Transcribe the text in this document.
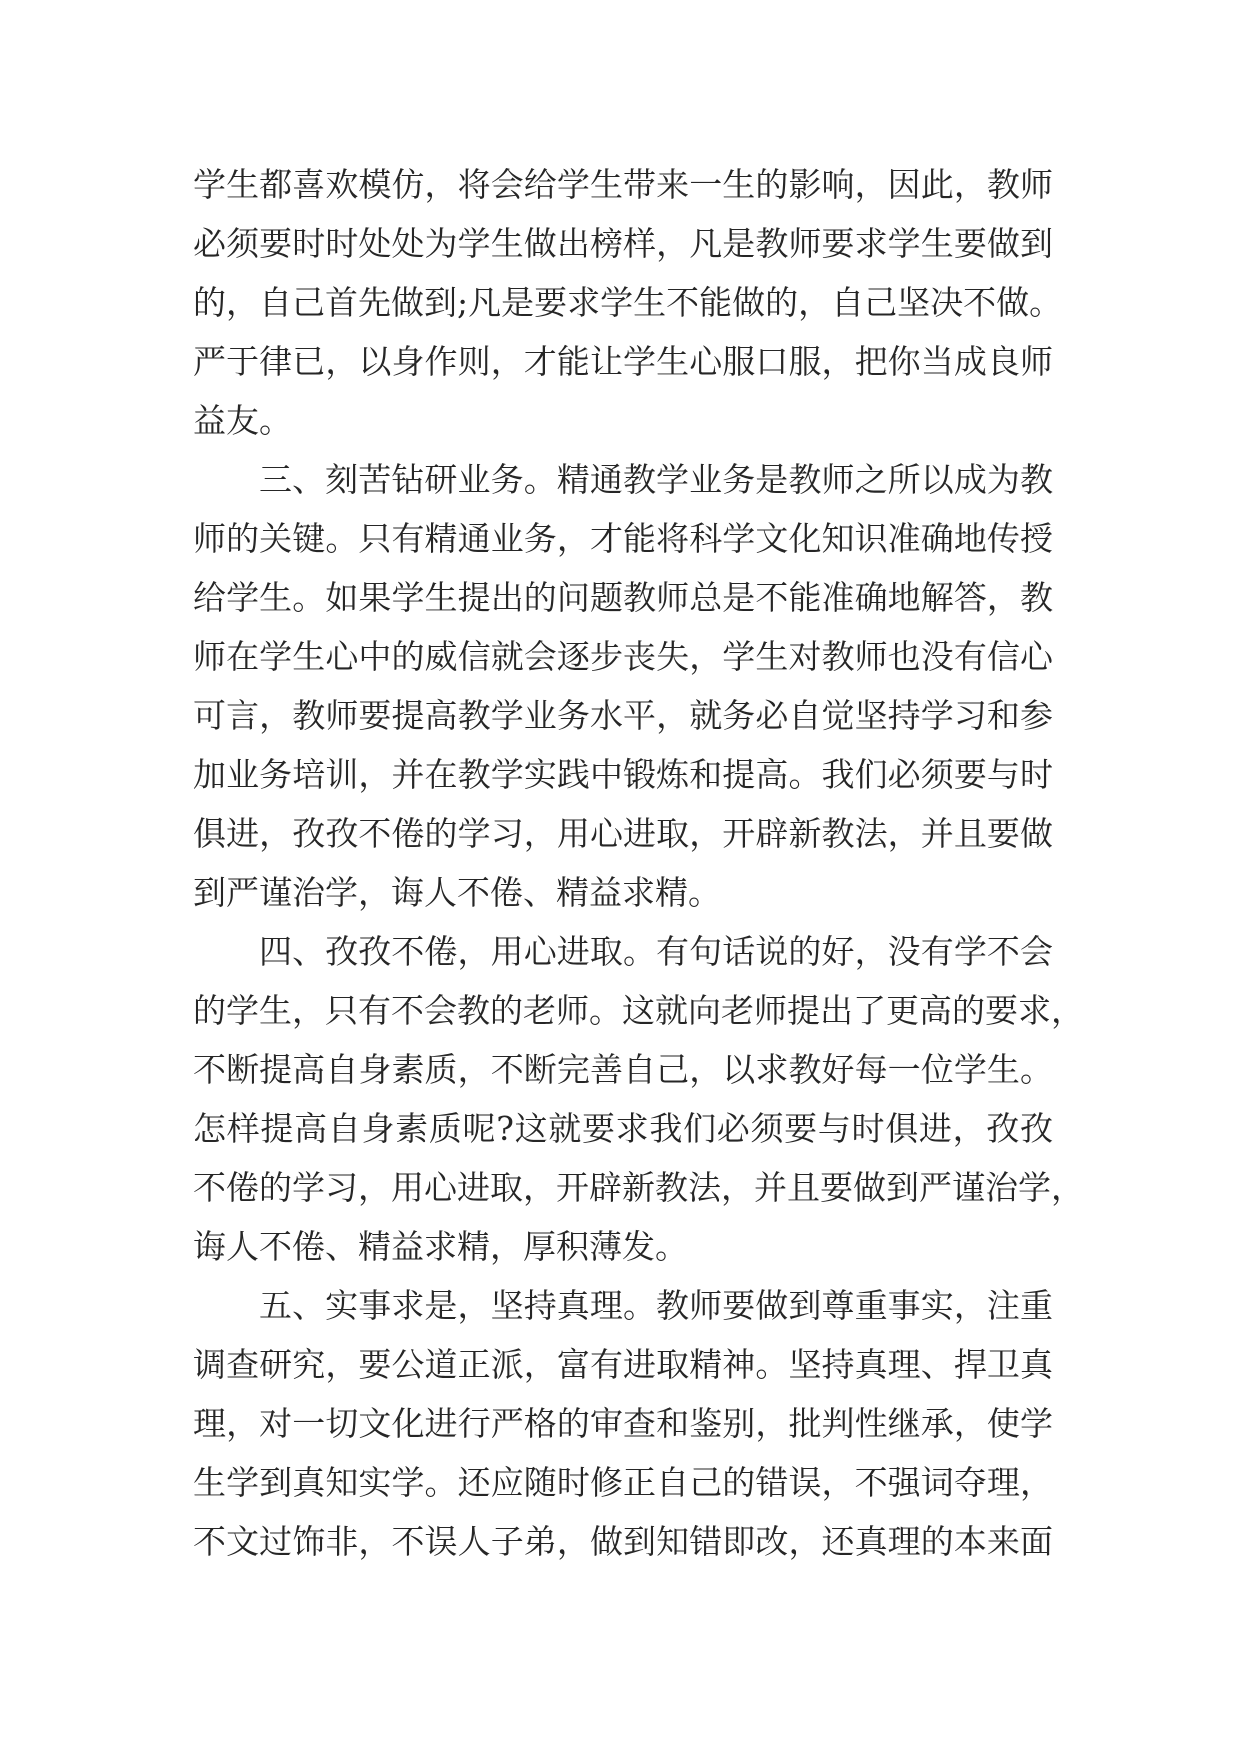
学生都喜欢模仿，将会给学生带来一生的影响，因此，教师
必须要时时处处为学生做出榜样，凡是教师要求学生要做到
的，自己首先做到;凡是要求学生不能做的，自己坚决不做。
严于律已，以身作则，才能让学生心服口服，把你当成良师
益友。
三、刻苦钻研业务。精通教学业务是教师之所以成为教
师的关键。只有精通业务，才能将科学文化知识准确地传授
给学生。如果学生提出的问题教师总是不能准确地解答，教
师在学生心中的威信就会逐步丧失，学生对教师也没有信心
可言，教师要提高教学业务水平，就务必自觉坚持学习和参
加业务培训，并在教学实践中锻炼和提高。我们必须要与时
俱进，孜孜不倦的学习，用心进取，开辟新教法，并且要做
到严谨治学，诲人不倦、精益求精。
四、孜孜不倦，用心进取。有句话说的好，没有学不会
的学生，只有不会教的老师。这就向老师提出了更高的要求，
不断提高自身素质，不断完善自己，以求教好每一位学生。
怎样提高自身素质呢?这就要求我们必须要与时俱进，孜孜
不倦的学习，用心进取，开辟新教法，并且要做到严谨治学，
诲人不倦、精益求精，厚积薄发。
五、实事求是，坚持真理。教师要做到尊重事实，注重
调查研究，要公道正派，富有进取精神。坚持真理、捍卫真
理，对一切文化进行严格的审查和鉴别，批判性继承，使学
生学到真知实学。还应随时修正自己的错误，不强词夺理，
不文过饰非，不误人子弟，做到知错即改，还真理的本来面
